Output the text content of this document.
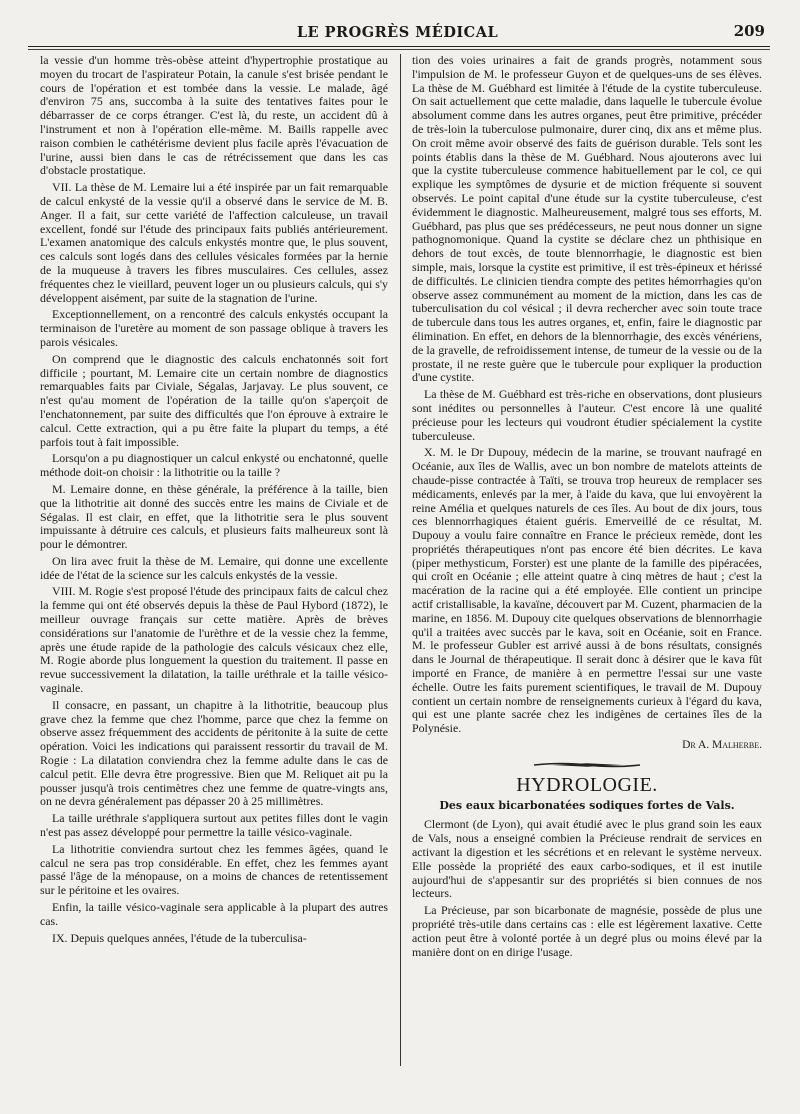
LE PROGRÈS MÉDICAL	209

la vessie d'un homme très-obèse atteint d'hypertrophie prostatique au moyen du trocart de l'aspirateur Potain, la canule s'est brisée pendant le cours de l'opération et est tombée dans la vessie. Le malade, âgé d'environ 75 ans, succomba à la suite des tentatives faites pour le débarrasser de ce corps étranger. C'est là, du reste, un accident dû à l'instrument et non à l'opération elle-même. M. Baills rappelle avec raison combien le cathétérisme devient plus facile après l'évacuation de l'urine, aussi bien dans le cas de rétrécissement que dans les cas d'obstacle prostatique.

VII. La thèse de M. Lemaire lui a été inspirée par un fait remarquable de calcul enkysté de la vessie qu'il a observé dans le service de M. B. Anger. Il a fait, sur cette variété de l'affection calculeuse, un travail excellent, fondé sur l'étude des principaux faits publiés antérieurement. L'examen anatomique des calculs enkystés montre que, le plus souvent, ces calculs sont logés dans des cellules vésicales formées par la hernie de la muqueuse à travers les fibres musculaires. Ces cellules, assez fréquentes chez le vieillard, peuvent loger un ou plusieurs calculs, qui s'y développent aisément, par suite de la stagnation de l'urine.

Exceptionnellement, on a rencontré des calculs enkystés occupant la terminaison de l'uretère au moment de son passage oblique à travers les parois vésicales.

On comprend que le diagnostic des calculs enchatonnés soit fort difficile ; pourtant, M. Lemaire cite un certain nombre de diagnostics remarquables faits par Civiale, Ségalas, Jarjavay. Le plus souvent, ce n'est qu'au moment de l'opération de la taille qu'on s'aperçoit de l'enchatonnement, par suite des difficultés que l'on éprouve à extraire le calcul. Cette extraction, qui a pu être faite la plupart du temps, a été parfois tout à fait impossible.

Lorsqu'on a pu diagnostiquer un calcul enkysté ou enchatonné, quelle méthode doit-on choisir : la lithotritie ou la taille ?

M. Lemaire donne, en thèse générale, la préférence à la taille, bien que la lithotritie ait donné des succès entre les mains de Civiale et de Ségalas. Il est clair, en effet, que la lithotritie sera le plus souvent impuissante à détruire ces calculs, et plusieurs faits malheureux sont là pour le démontrer.

On lira avec fruit la thèse de M. Lemaire, qui donne une excellente idée de l'état de la science sur les calculs enkystés de la vessie.

VIII. M. Rogie s'est proposé l'étude des principaux faits de calcul chez la femme qui ont été observés depuis la thèse de Paul Hybord (1872), le meilleur ouvrage français sur cette matière. Après de brèves considérations sur l'anatomie de l'urèthre et de la vessie chez la femme, après une étude rapide de la pathologie des calculs vésicaux chez elle, M. Rogie aborde plus longuement la question du traitement. Il passe en revue successivement la dilatation, la taille uréthrale et la taille vésico-vaginale.

Il consacre, en passant, un chapitre à la lithotritie, beaucoup plus grave chez la femme que chez l'homme, parce que chez la femme on observe assez fréquemment des accidents de péritonite à la suite de cette opération. Voici les indications qui paraissent ressortir du travail de M. Rogie : La dilatation conviendra chez la femme adulte dans le cas de calcul petit. Elle devra être progressive. Bien que M. Reliquet ait pu la pousser jusqu'à trois centimètres chez une femme de quatre-vingts ans, on ne devra généralement pas dépasser 20 à 25 millimètres.

La taille uréthrale s'appliquera surtout aux petites filles dont le vagin n'est pas assez développé pour permettre la taille vésico-vaginale.

La lithotritie conviendra surtout chez les femmes âgées, quand le calcul ne sera pas trop considérable. En effet, chez les femmes ayant passé l'âge de la ménopause, on a moins de chances de retentissement sur le péritoine et les ovaires.

Enfin, la taille vésico-vaginale sera applicable à la plupart des autres cas.

IX. Depuis quelques années, l'étude de la tuberculisa-

tion des voies urinaires a fait de grands progrès, notamment sous l'impulsion de M. le professeur Guyon et de quelques-uns de ses élèves. La thèse de M. Guébhard est limitée à l'étude de la cystite tuberculeuse. On sait actuellement que cette maladie, dans laquelle le tubercule évolue absolument comme dans les autres organes, peut être primitive, précéder de très-loin la tuberculose pulmonaire, durer cinq, dix ans et même plus. On croit même avoir observé des faits de guérison durable. Tels sont les points établis dans la thèse de M. Guébhard. Nous ajouterons avec lui que la cystite tuberculeuse commence habituellement par le col, ce qui explique les symptômes de dysurie et de miction fréquente si souvent observés. Le point capital d'une étude sur la cystite tuberculeuse, c'est évidemment le diagnostic. Malheureusement, malgré tous ses efforts, M. Guébhard, pas plus que ses prédécesseurs, ne peut nous donner un signe pathognomonique. Quand la cystite se déclare chez un phthisique en dehors de tout excès, de toute blennorrhagie, le diagnostic est bien simple, mais, lorsque la cystite est primitive, il est très-épineux et hérissé de difficultés. Le clinicien tiendra compte des petites hémorrhagies qu'on observe assez communément au moment de la miction, dans les cas de tuberculisation du col vésical ; il devra rechercher avec soin toute trace de tubercule dans tous les autres organes, et, enfin, faire le diagnostic par élimination. En effet, en dehors de la blennorrhagie, des excès vénériens, de la gravelle, de refroidissement intense, de tumeur de la vessie ou de la prostate, il ne reste guère que le tubercule pour expliquer la production d'une cystite.

La thèse de M. Guébhard est très-riche en observations, dont plusieurs sont inédites ou personnelles à l'auteur. C'est encore là une qualité précieuse pour les lecteurs qui voudront étudier spécialement la cystite tuberculeuse.

X. M. le Dr Dupouy, médecin de la marine, se trouvant naufragé en Océanie, aux îles de Wallis, avec un bon nombre de matelots atteints de chaude-pisse contractée à Taïti, se trouva trop heureux de remplacer ses médicaments, enlevés par la mer, à l'aide du kava, que lui envoyèrent la reine Amélia et quelques naturels de ces îles. Au bout de dix jours, tous ces blennorrhagiques étaient guéris. Emerveillé de ce résultat, M. Dupouy a voulu faire connaître en France le précieux remède, dont les propriétés thérapeutiques n'ont pas encore été bien décrites. Le kava (piper methysticum, Forster) est une plante de la famille des pipéracées, qui croît en Océanie ; elle atteint quatre à cinq mètres de haut ; c'est la macération de la racine qui a été employée. Elle contient un principe actif cristallisable, la kavaïne, découvert par M. Cuzent, pharmacien de la marine, en 1856. M. Dupouy cite quelques observations de blennorrhagie qu'il a traitées avec succès par le kava, soit en Océanie, soit en France. M. le professeur Gubler est arrivé aussi à de bons résultats, consignés dans le Journal de thérapeutique. Il serait donc à désirer que le kava fût importé en France, de manière à en permettre l'essai sur une vaste échelle. Outre les faits purement scientifiques, le travail de M. Dupouy contient un certain nombre de renseignements curieux à l'égard du kava, qui est une plante sacrée chez les indigènes de certaines îles de la Polynésie.

Dr A. Malherbe.
HYDROLOGIE.
Des eaux bicarbonatées sodiques fortes de Vals.

Clermont (de Lyon), qui avait étudié avec le plus grand soin les eaux de Vals, nous a enseigné combien la Précieuse rendrait de services en activant la digestion et les sécrétions et en relevant le système nerveux. Elle possède la propriété des eaux carbo-sodiques, et il est inutile aujourd'hui de s'appesantir sur des propriétés si bien connues de nos lecteurs.

La Précieuse, par son bicarbonate de magnésie, possède de plus une propriété très-utile dans certains cas : elle est légèrement laxative. Cette action peut être à volonté portée à un degré plus ou moins élevé par la manière dont on en dirige l'usage.
